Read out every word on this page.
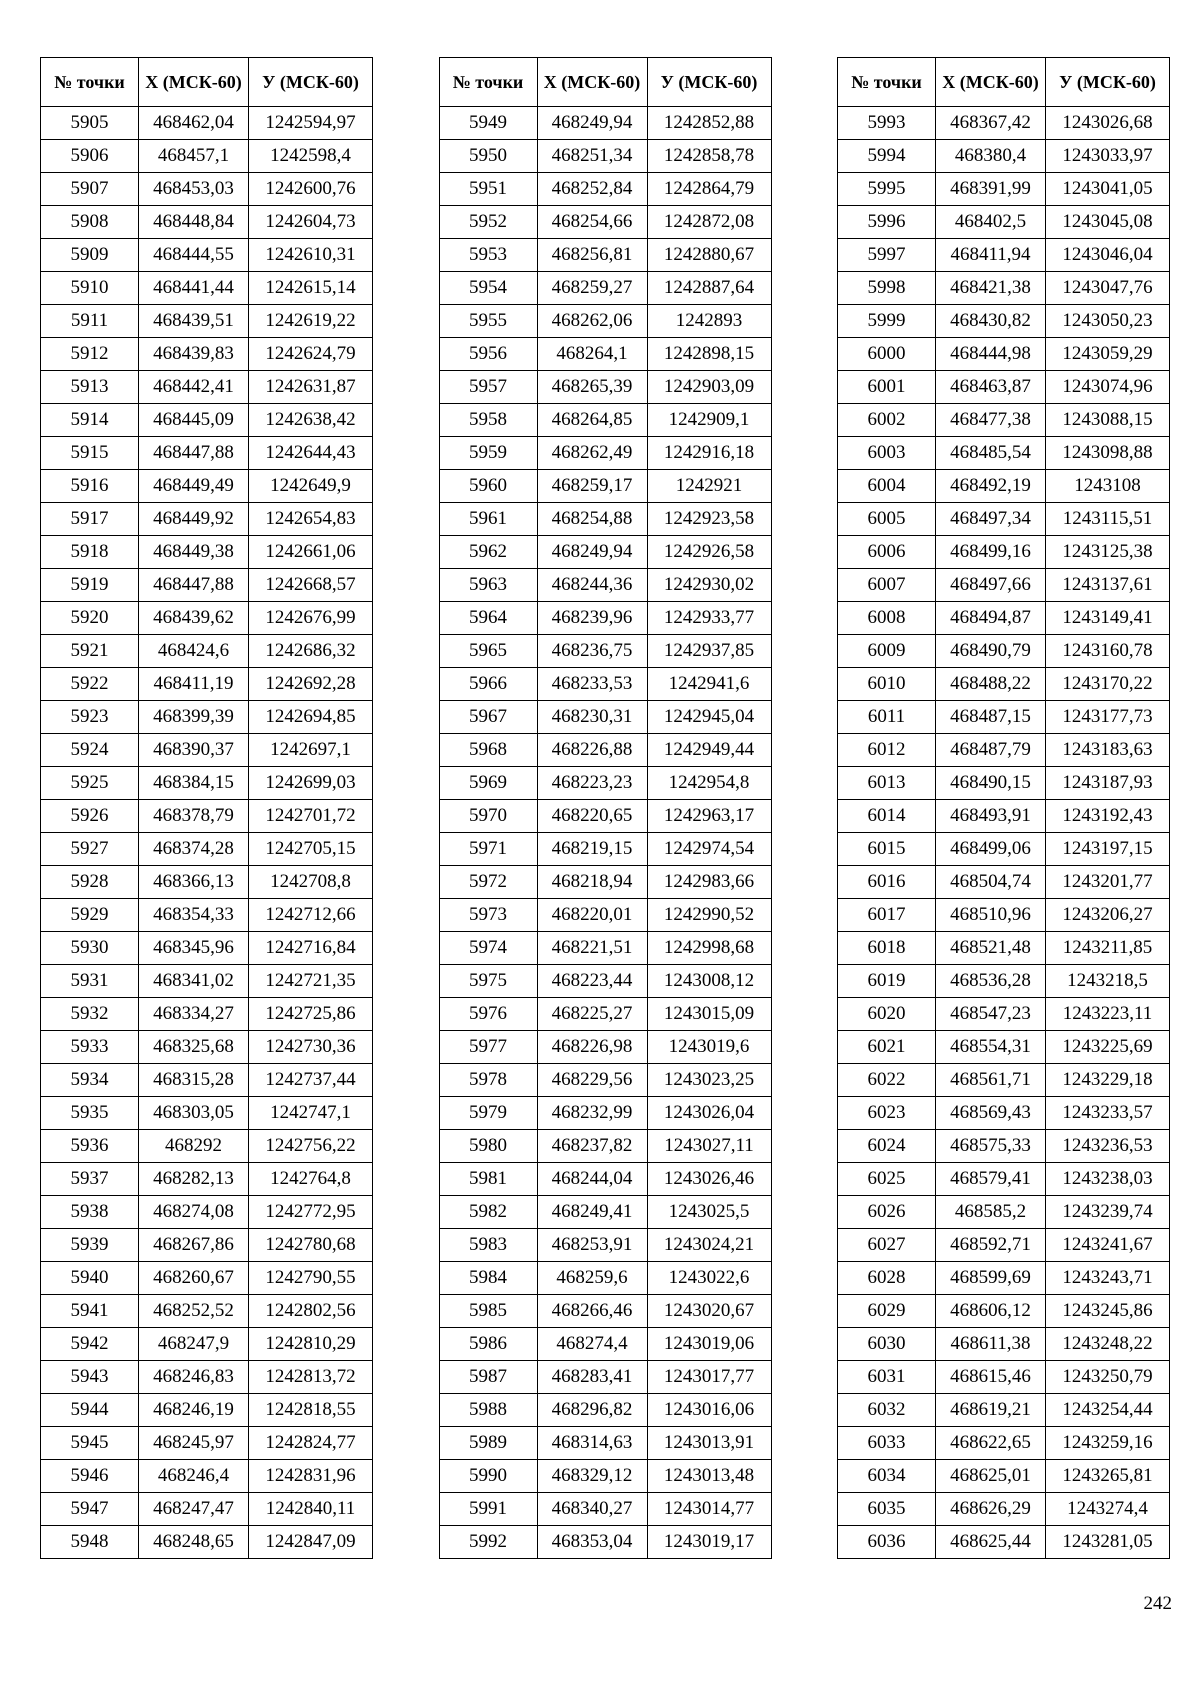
№ точки	X (МСК-60)	У (МСК-60)
5905	468462,04	1242594,97
5906	468457,1	1242598,4
5907	468453,03	1242600,76
5908	468448,84	1242604,73
5909	468444,55	1242610,31
5910	468441,44	1242615,14
5911	468439,51	1242619,22
5912	468439,83	1242624,79
5913	468442,41	1242631,87
5914	468445,09	1242638,42
5915	468447,88	1242644,43
5916	468449,49	1242649,9
5917	468449,92	1242654,83
5918	468449,38	1242661,06
5919	468447,88	1242668,57
5920	468439,62	1242676,99
5921	468424,6	1242686,32
5922	468411,19	1242692,28
5923	468399,39	1242694,85
5924	468390,37	1242697,1
5925	468384,15	1242699,03
5926	468378,79	1242701,72
5927	468374,28	1242705,15
5928	468366,13	1242708,8
5929	468354,33	1242712,66
5930	468345,96	1242716,84
5931	468341,02	1242721,35
5932	468334,27	1242725,86
5933	468325,68	1242730,36
5934	468315,28	1242737,44
5935	468303,05	1242747,1
5936	468292	1242756,22
5937	468282,13	1242764,8
5938	468274,08	1242772,95
5939	468267,86	1242780,68
5940	468260,67	1242790,55
5941	468252,52	1242802,56
5942	468247,9	1242810,29
5943	468246,83	1242813,72
5944	468246,19	1242818,55
5945	468245,97	1242824,77
5946	468246,4	1242831,96
5947	468247,47	1242840,11
5948	468248,65	1242847,09
№ точки	X (МСК-60)	У (МСК-60)
5949	468249,94	1242852,88
5950	468251,34	1242858,78
5951	468252,84	1242864,79
5952	468254,66	1242872,08
5953	468256,81	1242880,67
5954	468259,27	1242887,64
5955	468262,06	1242893
5956	468264,1	1242898,15
5957	468265,39	1242903,09
5958	468264,85	1242909,1
5959	468262,49	1242916,18
5960	468259,17	1242921
5961	468254,88	1242923,58
5962	468249,94	1242926,58
5963	468244,36	1242930,02
5964	468239,96	1242933,77
5965	468236,75	1242937,85
5966	468233,53	1242941,6
5967	468230,31	1242945,04
5968	468226,88	1242949,44
5969	468223,23	1242954,8
5970	468220,65	1242963,17
5971	468219,15	1242974,54
5972	468218,94	1242983,66
5973	468220,01	1242990,52
5974	468221,51	1242998,68
5975	468223,44	1243008,12
5976	468225,27	1243015,09
5977	468226,98	1243019,6
5978	468229,56	1243023,25
5979	468232,99	1243026,04
5980	468237,82	1243027,11
5981	468244,04	1243026,46
5982	468249,41	1243025,5
5983	468253,91	1243024,21
5984	468259,6	1243022,6
5985	468266,46	1243020,67
5986	468274,4	1243019,06
5987	468283,41	1243017,77
5988	468296,82	1243016,06
5989	468314,63	1243013,91
5990	468329,12	1243013,48
5991	468340,27	1243014,77
5992	468353,04	1243019,17
№ точки	X (МСК-60)	У (МСК-60)
5993	468367,42	1243026,68
5994	468380,4	1243033,97
5995	468391,99	1243041,05
5996	468402,5	1243045,08
5997	468411,94	1243046,04
5998	468421,38	1243047,76
5999	468430,82	1243050,23
6000	468444,98	1243059,29
6001	468463,87	1243074,96
6002	468477,38	1243088,15
6003	468485,54	1243098,88
6004	468492,19	1243108
6005	468497,34	1243115,51
6006	468499,16	1243125,38
6007	468497,66	1243137,61
6008	468494,87	1243149,41
6009	468490,79	1243160,78
6010	468488,22	1243170,22
6011	468487,15	1243177,73
6012	468487,79	1243183,63
6013	468490,15	1243187,93
6014	468493,91	1243192,43
6015	468499,06	1243197,15
6016	468504,74	1243201,77
6017	468510,96	1243206,27
6018	468521,48	1243211,85
6019	468536,28	1243218,5
6020	468547,23	1243223,11
6021	468554,31	1243225,69
6022	468561,71	1243229,18
6023	468569,43	1243233,57
6024	468575,33	1243236,53
6025	468579,41	1243238,03
6026	468585,2	1243239,74
6027	468592,71	1243241,67
6028	468599,69	1243243,71
6029	468606,12	1243245,86
6030	468611,38	1243248,22
6031	468615,46	1243250,79
6032	468619,21	1243254,44
6033	468622,65	1243259,16
6034	468625,01	1243265,81
6035	468626,29	1243274,4
6036	468625,44	1243281,05
242
